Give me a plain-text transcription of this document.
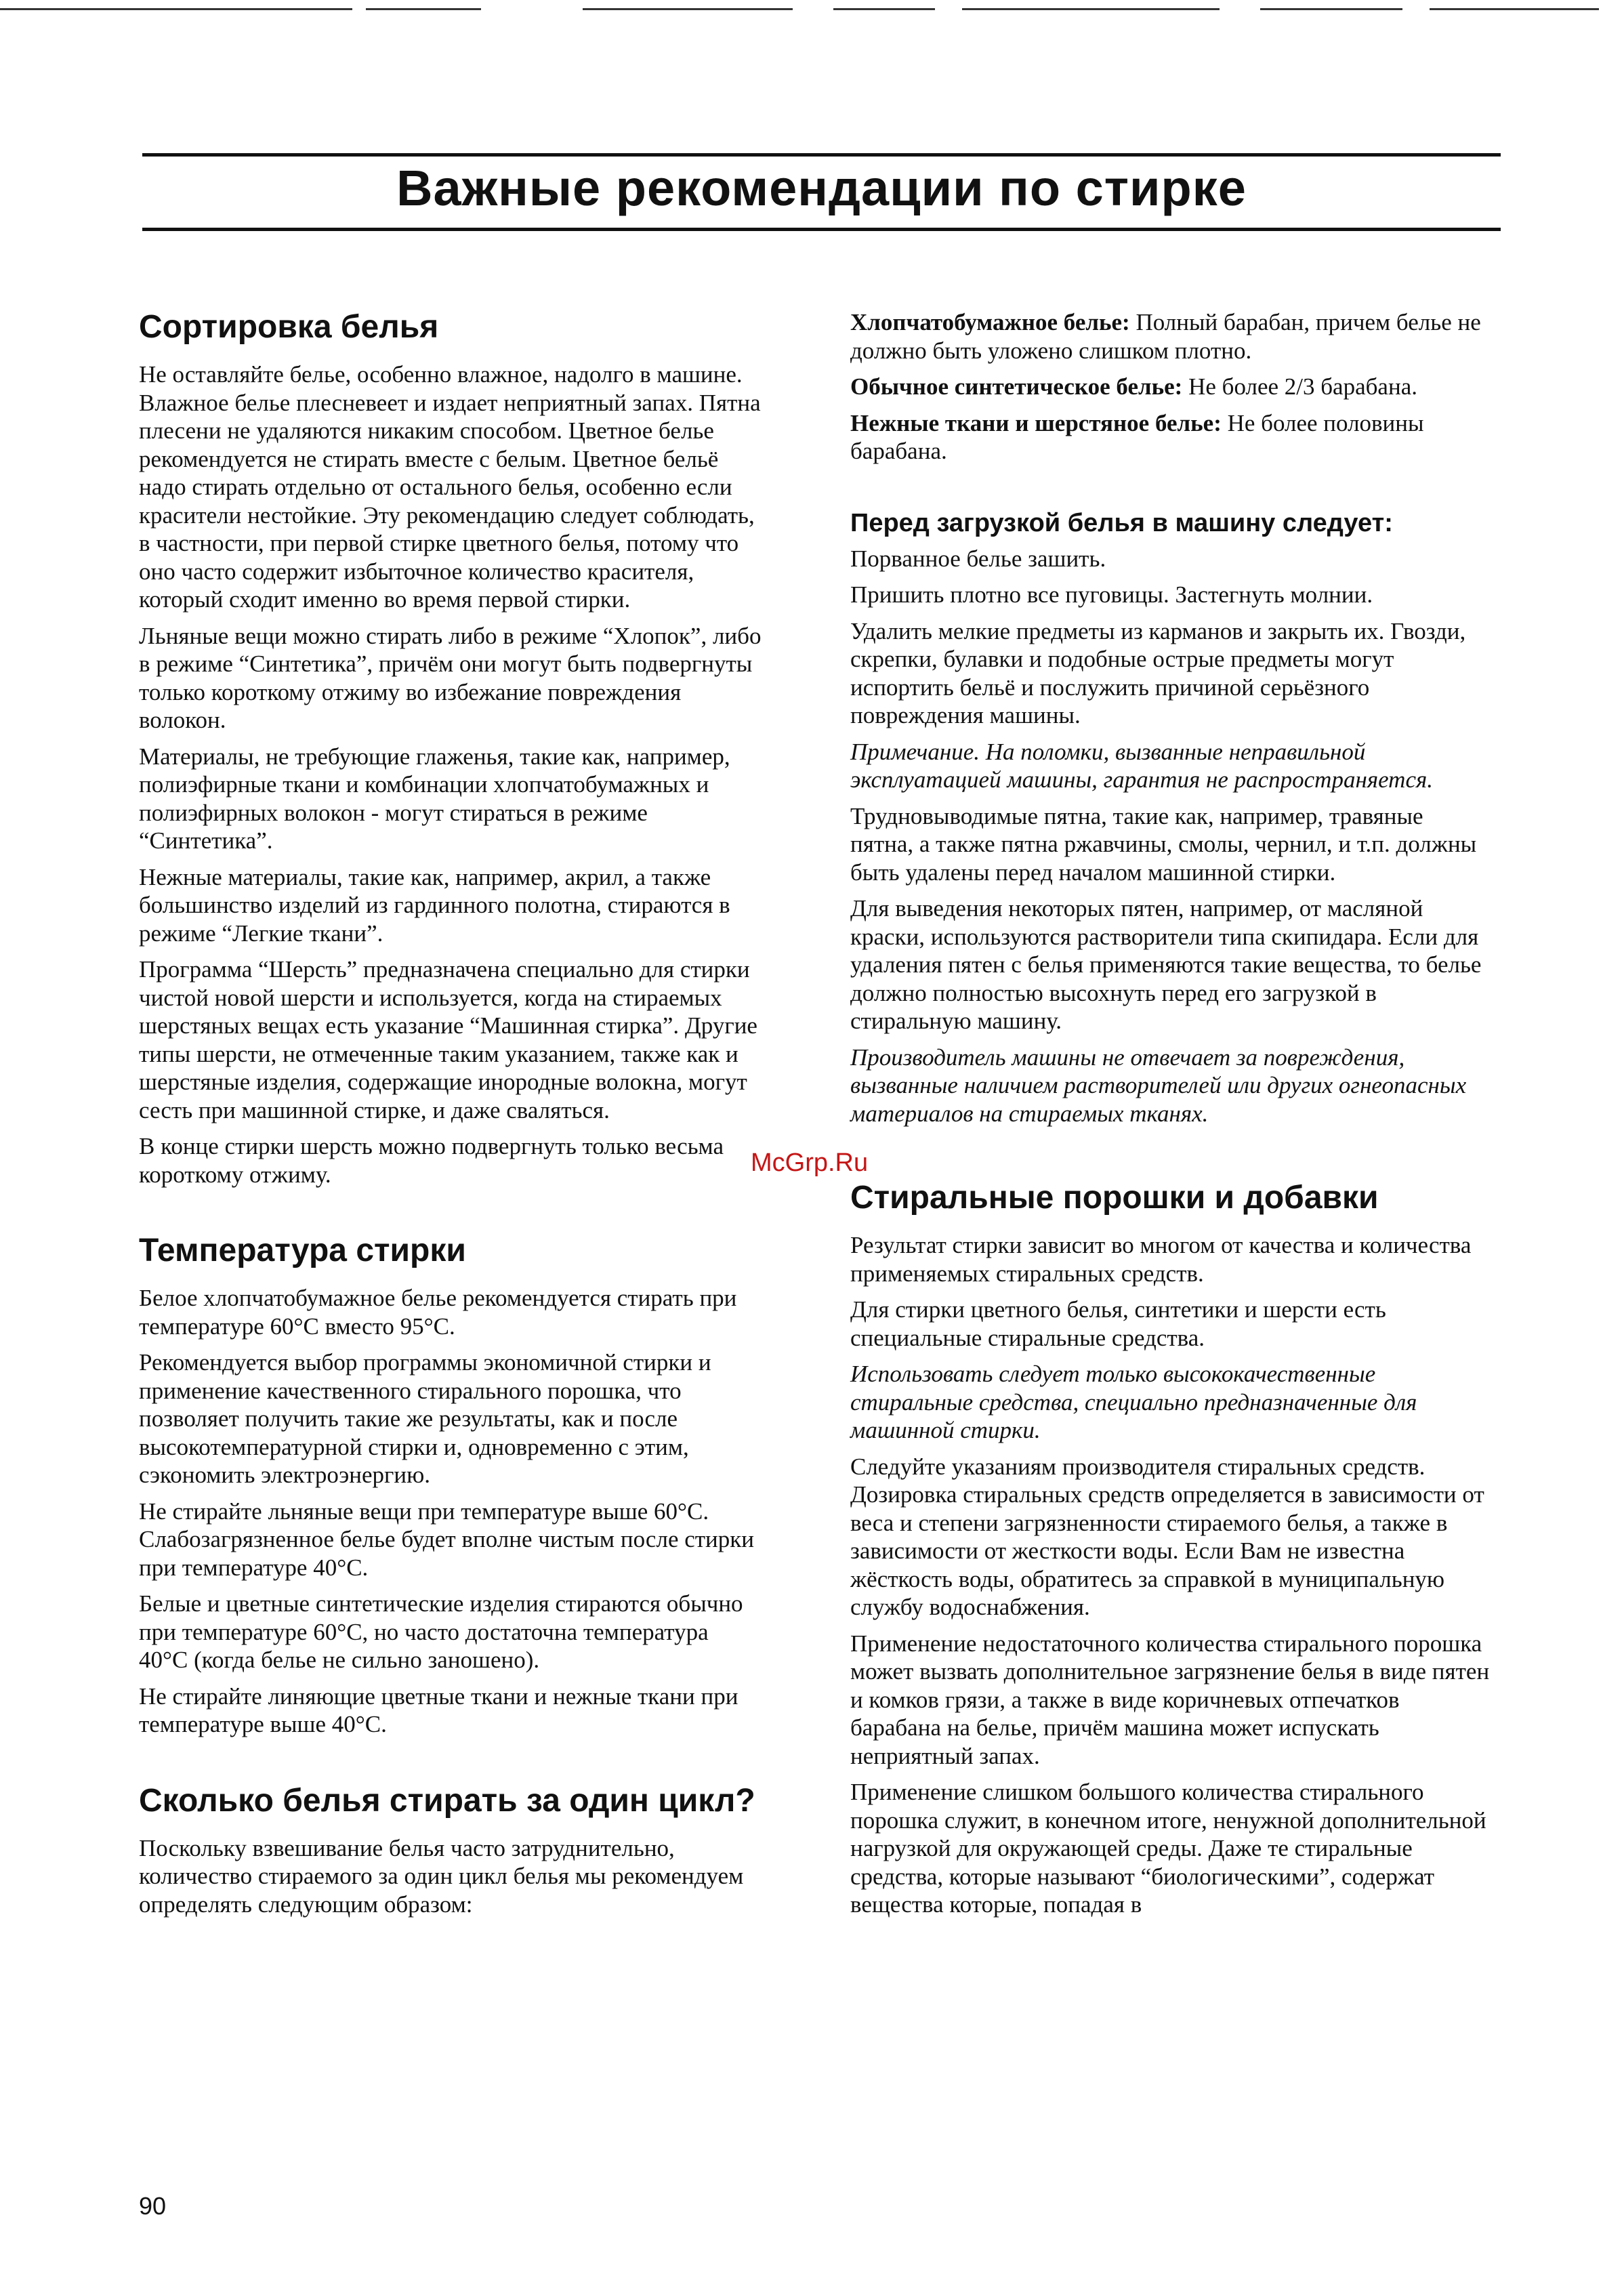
Важные рекомендации по стирке
Сортировка белья

Не оставляйте белье, особенно влажное, надолго в машине. Влажное белье плесневеет и издает неприятный запах. Пятна плесени не удаляются никаким способом. Цветное белье рекомендуется не стирать вместе с белым. Цветное бельё надо стирать отдельно от остального белья, особенно если красители нестойкие. Эту рекомендацию следует соблюдать, в частности, при первой стирке цветного белья, потому что оно часто содержит избыточное количество красителя, который сходит именно во время первой стирки.

Льняные вещи можно стирать либо в режиме “Хлопок”, либо в режиме “Синтетика”, причём они могут быть подвергнуты только короткому отжиму во избежание повреждения волокон.

Материалы, не требующие глаженья, такие как, например, полиэфирные ткани и комбинации хлопчатобумажных и полиэфирных волокон - могут стираться в режиме “Синтетика”.

Нежные материалы, такие как, например, акрил, а также большинство изделий из гардинного полотна, стираются в режиме “Легкие ткани”.

Программа “Шерсть” предназначена специально для стирки чистой новой шерсти и используется, когда на стираемых шерстяных вещах есть указание “Машинная стирка”. Другие типы шерсти, не отмеченные таким указанием, также как и шерстяные изделия, содержащие инородные волокна, могут сесть при машинной стирке, и даже сваляться.

В конце стирки шерсть можно подвергнуть только весьма короткому отжиму.

Температура стирки

Белое хлопчатобумажное белье рекомендуется стирать при температуре 60°С вместо 95°С.

Рекомендуется выбор программы экономичной стирки и применение качественного стирального порошка, что позволяет получить такие же результаты, как и после высокотемпературной стирки и, одновременно с этим, сэкономить электроэнергию.

Не стирайте льняные вещи при температуре выше 60°С. Слабозагрязненное белье будет вполне чистым после стирки при температуре 40°С.

Белые и цветные синтетические изделия стираются обычно при температуре 60°С, но часто достаточна температура 40°С (когда белье не сильно заношено).

Не стирайте линяющие цветные ткани и нежные ткани при температуре выше 40°С.

Сколько белья стирать за один цикл?

Поскольку взвешивание белья часто затруднительно, количество стираемого за один цикл белья мы рекомендуем определять следующим образом:

Хлопчатобумажное белье: Полный барабан, причем белье не должно быть уложено слишком плотно.

Обычное синтетическое белье: Не более 2/3 барабана.

Нежные ткани и шерстяное белье: Не более половины барабана.

Перед загрузкой белья в машину следует:

Порванное белье зашить.

Пришить плотно все пуговицы. Застегнуть молнии.

Удалить мелкие предметы из карманов и закрыть их. Гвозди, скрепки, булавки и подобные острые предметы могут испортить бельё и послужить причиной серьёзного повреждения машины.

Примечание. На поломки, вызванные неправильной эксплуатацией машины, гарантия не распространяется.

Трудновыводимые пятна, такие как, например, травяные пятна, а также пятна ржавчины, смолы, чернил, и т.п. должны быть удалены перед началом машинной стирки.

Для выведения некоторых пятен, например, от масляной краски, используются растворители типа скипидара. Если для удаления пятен с белья применяются такие вещества, то белье должно полностью высохнуть перед его загрузкой в стиральную машину.

Производитель машины не отвечает за повреждения, вызванные наличием растворителей или других огнеопасных материалов на стираемых тканях.

Стиральные порошки и добавки

Результат стирки зависит во многом от качества и количества применяемых стиральных средств.

Для стирки цветного белья, синтетики и шерсти есть специальные стиральные средства.

Использовать следует только высококачественные стиральные средства, специально предназначенные для машинной стирки.

Следуйте указаниям производителя стиральных средств. Дозировка стиральных средств определяется в зависимости от веса и степени загрязненности стираемого белья, а также в зависимости от жесткости воды. Если Вам не известна жёсткость воды, обратитесь за справкой в муниципальную службу водоснабжения.

Применение недостаточного количества стирального порошка может вызвать дополнительное загрязнение белья в виде пятен и комков грязи, а также в виде коричневых отпечатков барабана на белье, причём машина может испускать неприятный запах.

Применение слишком большого количества стирального порошка служит, в конечном итоге, ненужной дополнительной нагрузкой для окружающей среды. Даже те стиральные средства, которые называют “биологическими”, содержат вещества которые, попадая в

McGrp.Ru
90
